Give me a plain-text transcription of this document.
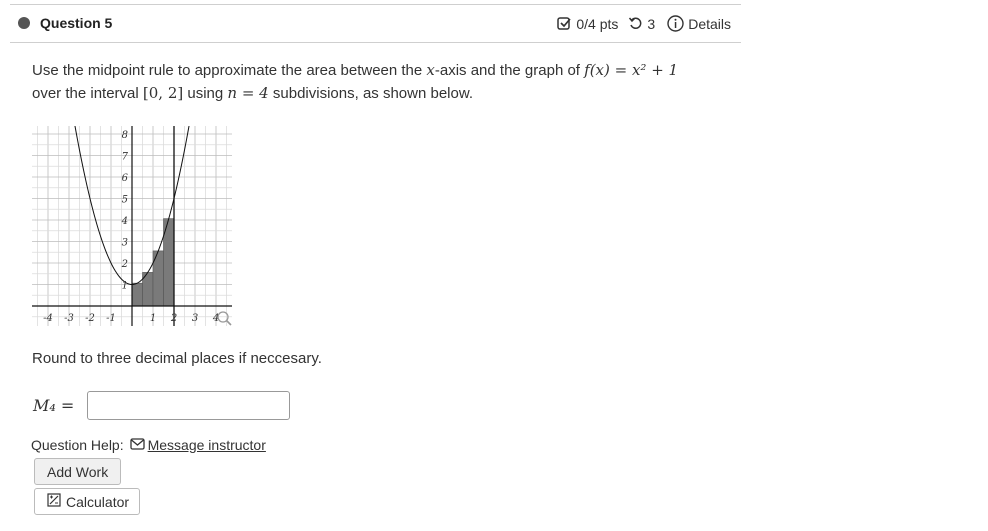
Question 5	0/4 pts 3 Details
Use the midpoint rule to approximate the area between the x-axis and the graph of f(x) = x² + 1
over the interval [0, 2] using n = 4 subdivisions, as shown below.
-4 -3 -2 -1	1 2 3 4
1
2
3
4
5
6
7
8
Round to three decimal places if neccesary.
M₄ =
Question Help: Message instructor
Add Work
Calculator
